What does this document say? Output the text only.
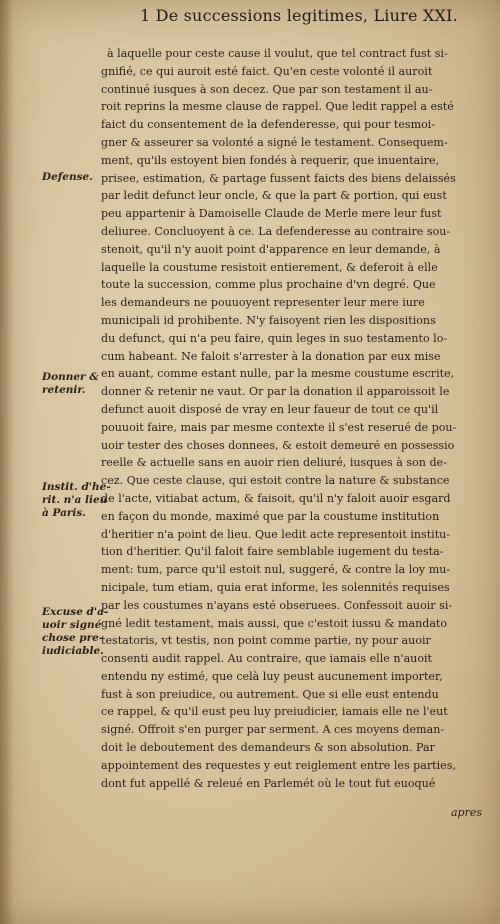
1 De successions legitimes, Liure XXI.
à laquelle pour ceste cause il voulut, que tel contract fust si-
gnifié, ce qui auroit esté faict. Qu'en ceste volonté il auroit
continué iusques à son decez. Que par son testament il au-
roit reprins la mesme clause de rappel. Que ledit rappel a esté
faict du consentement de la defenderesse, qui pour tesmoi-
gner & asseurer sa volonté a signé le testament. Consequem-
ment, qu'ils estoyent bien fondés à requerir, que inuentaire,
prisee, estimation, & partage fussent faicts des biens delaissés
par ledit defunct leur oncle, & que la part & portion, qui eust
peu appartenir à Damoiselle Claude de Merle mere leur fust
deliuree. Concluoyent à ce. La defenderesse au contraire sou-
stenoit, qu'il n'y auoit point d'apparence en leur demande, à
laquelle la coustume resistoit entierement, & deferoit à elle
toute la succession, comme plus prochaine d'vn degré. Que
les demandeurs ne pouuoyent representer leur mere iure
municipali id prohibente. N'y faisoyent rien les dispositions
du defunct, qui n'a peu faire, quin leges in suo testamento lo-
cum habeant. Ne faloit s'arrester à la donation par eux mise
en auant, comme estant nulle, par la mesme coustume escrite,
donner & retenir ne vaut. Or par la donation il apparoissoit le
defunct auoit disposé de vray en leur faueur de tout ce qu'il
pouuoit faire, mais par mesme contexte il s'est reserué de pou-
uoir tester des choses donnees, & estoit demeuré en possessio
reelle & actuelle sans en auoir rien deliuré, iusques à son de-
cez. Que ceste clause, qui estoit contre la nature & substance
de l'acte, vitiabat actum, & faisoit, qu'il n'y faloit auoir esgard
en façon du monde, maximé que par la coustume institution
d'heritier n'a point de lieu. Que ledit acte representoit institu-
tion d'heritier. Qu'il faloit faire semblable iugement du testa-
ment: tum, parce qu'il estoit nul, suggeré, & contre la loy mu-
nicipale, tum etiam, quia erat informe, les solennités requises
par les coustumes n'ayans esté obseruees. Confessoit auoir si-
gné ledit testament, mais aussi, que c'estoit iussu & mandato
testatoris, vt testis, non point comme partie, ny pour auoir
consenti audit rappel. Au contraire, que iamais elle n'auoit
entendu ny estimé, que celà luy peust aucunement importer,
fust à son preiudice, ou autrement. Que si elle eust entendu
ce rappel, & qu'il eust peu luy preiudicier, iamais elle ne l'eut
signé. Offroit s'en purger par serment. A ces moyens deman-
doit le deboutement des demandeurs & son absolution. Par
appointement des requestes y eut reiglement entre les parties,
dont fut appellé & releué en Parlemét où le tout fut euoqué
Defense.
Donner &
retenir.
Instit. d'he-
rit. n'a lieu
à Paris.
Excuse d'a-
uoir signé
chose pre-
iudiciable.
apres
